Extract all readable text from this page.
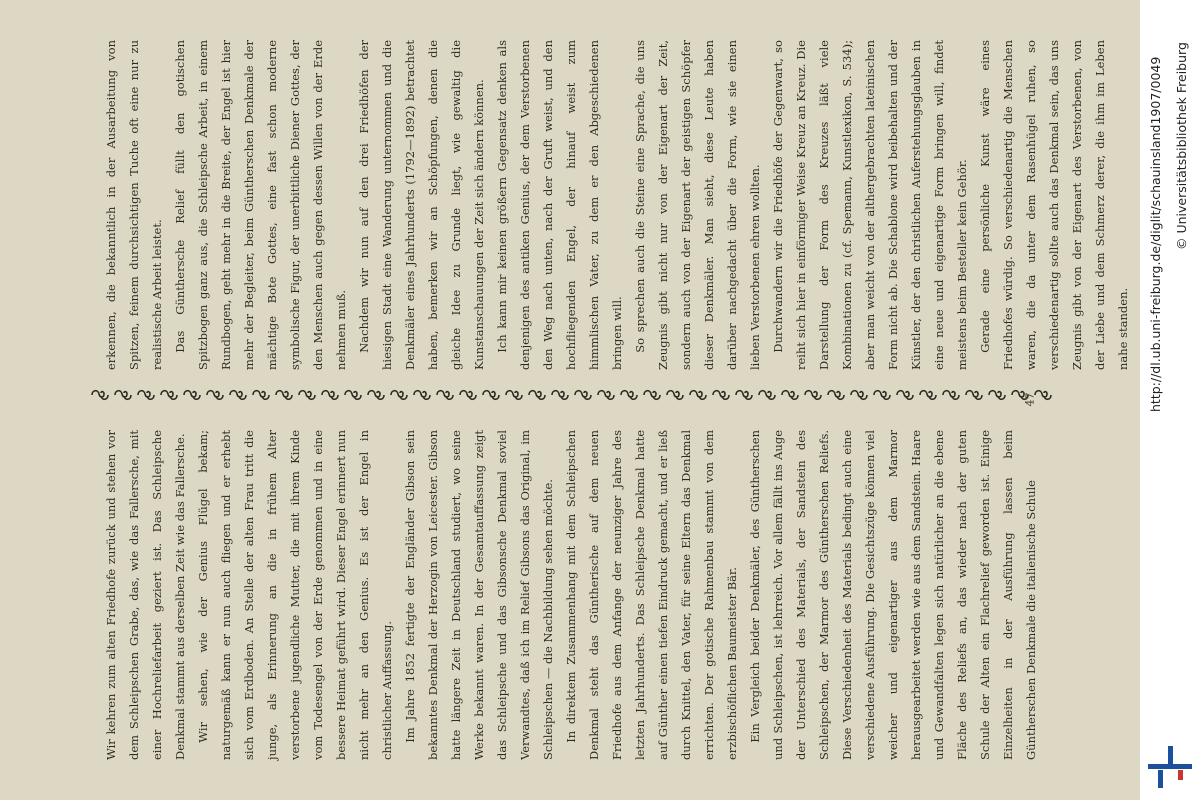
Wir kehren zum alten Friedhofe zurück und stehen vor dem Schleipschen Grabe, das, wie das Fallersche, mit einer Hochreliefarbeit geziert ist. Das Schleipsche Denkmal stammt aus derselben Zeit wie das Fallersche. Wir sehen, wie der Genius Flügel bekam; naturgemäß kann er nun auch fliegen und er erhebt sich vom Erdboden. An Stelle der alten Frau tritt die junge, als Erinnerung an die in frühem Alter verstorbene jugendliche Mutter, die mit ihrem Kinde vom Todesengel von der Erde genommen und in eine bessere Heimat geführt wird. Dieser Engel erinnert nun nicht mehr an den Genius. Es ist der Engel in christlicher Auffassung. Im Jahre 1852 fertigte der Engländer Gibson sein bekanntes Denkmal der Herzogin von Leicester. Gibson hatte längere Zeit in Deutschland studiert, wo seine Werke bekannt waren. In der Gesamtauffassung zeigt das Schleipsche und das Gibsonsche Denkmal soviel Verwandtes, daß ich im Relief Gibsons das Original, im Schleipschen — die Nachbildung sehen möchte. In direktem Zusammenhang mit dem Schleipschen Denkmal steht das Güntherische auf dem neuen Friedhofe aus dem Anfange der neunziger Jahre des letzten Jahrhunderts. Das Schleipsche Denkmal hatte auf Günther einen tiefen Eindruck gemacht, und er ließ durch Knittel, den Vater, für seine Eltern das Denkmal errichten. Der gotische Rahmenbau stammt von dem erzbischöflichen Baumeister Bär. Ein Vergleich beider Denkmäler, des Güntherschen und Schleipschen, ist lehrreich. Vor allem fällt ins Auge der Unterschied des Materials, der Sandstein des Schleipschen, der Marmor des Güntherschen Reliefs. Diese Verschiedenheit des Materials bedingt auch eine verschiedene Ausführung. Die Gesichtszüge können viel weicher und eigenartiger aus dem Marmor herausgearbeitet werden wie aus dem Sandstein. Haare und Gewandfalten legen sich natürlicher an die ebene Fläche des Reliefs an, das wieder nach der guten Schule der Alten ein Flachrelief geworden ist. Einige Einzelheiten in der Ausführung lassen beim Güntherschen Denkmale die italienische Schule

erkennen, die bekanntlich in der Ausarbeitung von Spitzen, feinem durchsichtigen Tuche oft eine nur zu realistische Arbeit leistet. Das Günthersche Relief füllt den gotischen Spitzbogen ganz aus, die Schleipsche Arbeit, in einem Rundbogen, geht mehr in die Breite, der Engel ist hier mehr der Begleiter, beim Güntherschen Denkmale der mächtige Bote Gottes, eine fast schon moderne symbolische Figur, der unerbittliche Diener Gottes, der den Menschen auch gegen dessen Willen von der Erde nehmen muß. Nachdem wir nun auf den drei Friedhöfen der hiesigen Stadt eine Wanderung unternommen und die Denkmäler eines Jahrhunderts (1792—1892) betrachtet haben, bemerken wir an Schöpfungen, denen die gleiche Idee zu Grunde liegt, wie gewaltig die Kunstanschauungen der Zeit sich ändern können. Ich kann mir keinen größern Gegensatz denken als denjenigen des antiken Genius, der dem Verstorbenen den Weg nach unten, nach der Gruft weist, und den hochfliegenden Engel, der hinauf weist zum himmlischen Vater, zu dem er den Abgeschiedenen bringen will. So sprechen auch die Steine eine Sprache, die uns Zeugnis gibt nicht nur von der Eigenart der Zeit, sondern auch von der Eigenart der geistigen Schöpfer dieser Denkmäler. Man sieht, diese Leute haben darüber nachgedacht über die Form, wie sie einen lieben Verstorbenen ehren wollten. Durchwandern wir die Friedhöfe der Gegenwart, so reiht sich hier in einförmiger Weise Kreuz an Kreuz. Die Darstellung der Form des Kreuzes läßt viele Kombinationen zu (cf. Spemann, Kunstlexikon, S. 534); aber man weicht von der althergebrachten lateinischen Form nicht ab. Die Schablone wird beibehalten und der Künstler, der den christlichen Auferstehungsglauben in eine neue und eigenartige Form bringen will, findet meistens beim Besteller kein Gehör. Gerade eine persönliche Kunst wäre eines Friedhofes würdig. So verschiedenartig die Menschen waren, die da unter dem Rasenhügel ruhen, so verschiedenartig sollte auch das Denkmal sein, das uns Zeugnis gibt von der Eigenart des Verstorbenen, von der Liebe und dem Schmerz derer, die ihm im Leben nahe standen.

47	http://dl.ub.uni-freiburg.de/diglit/schauinsland1907/0049 © Universitätsbibliothek Freiburg
